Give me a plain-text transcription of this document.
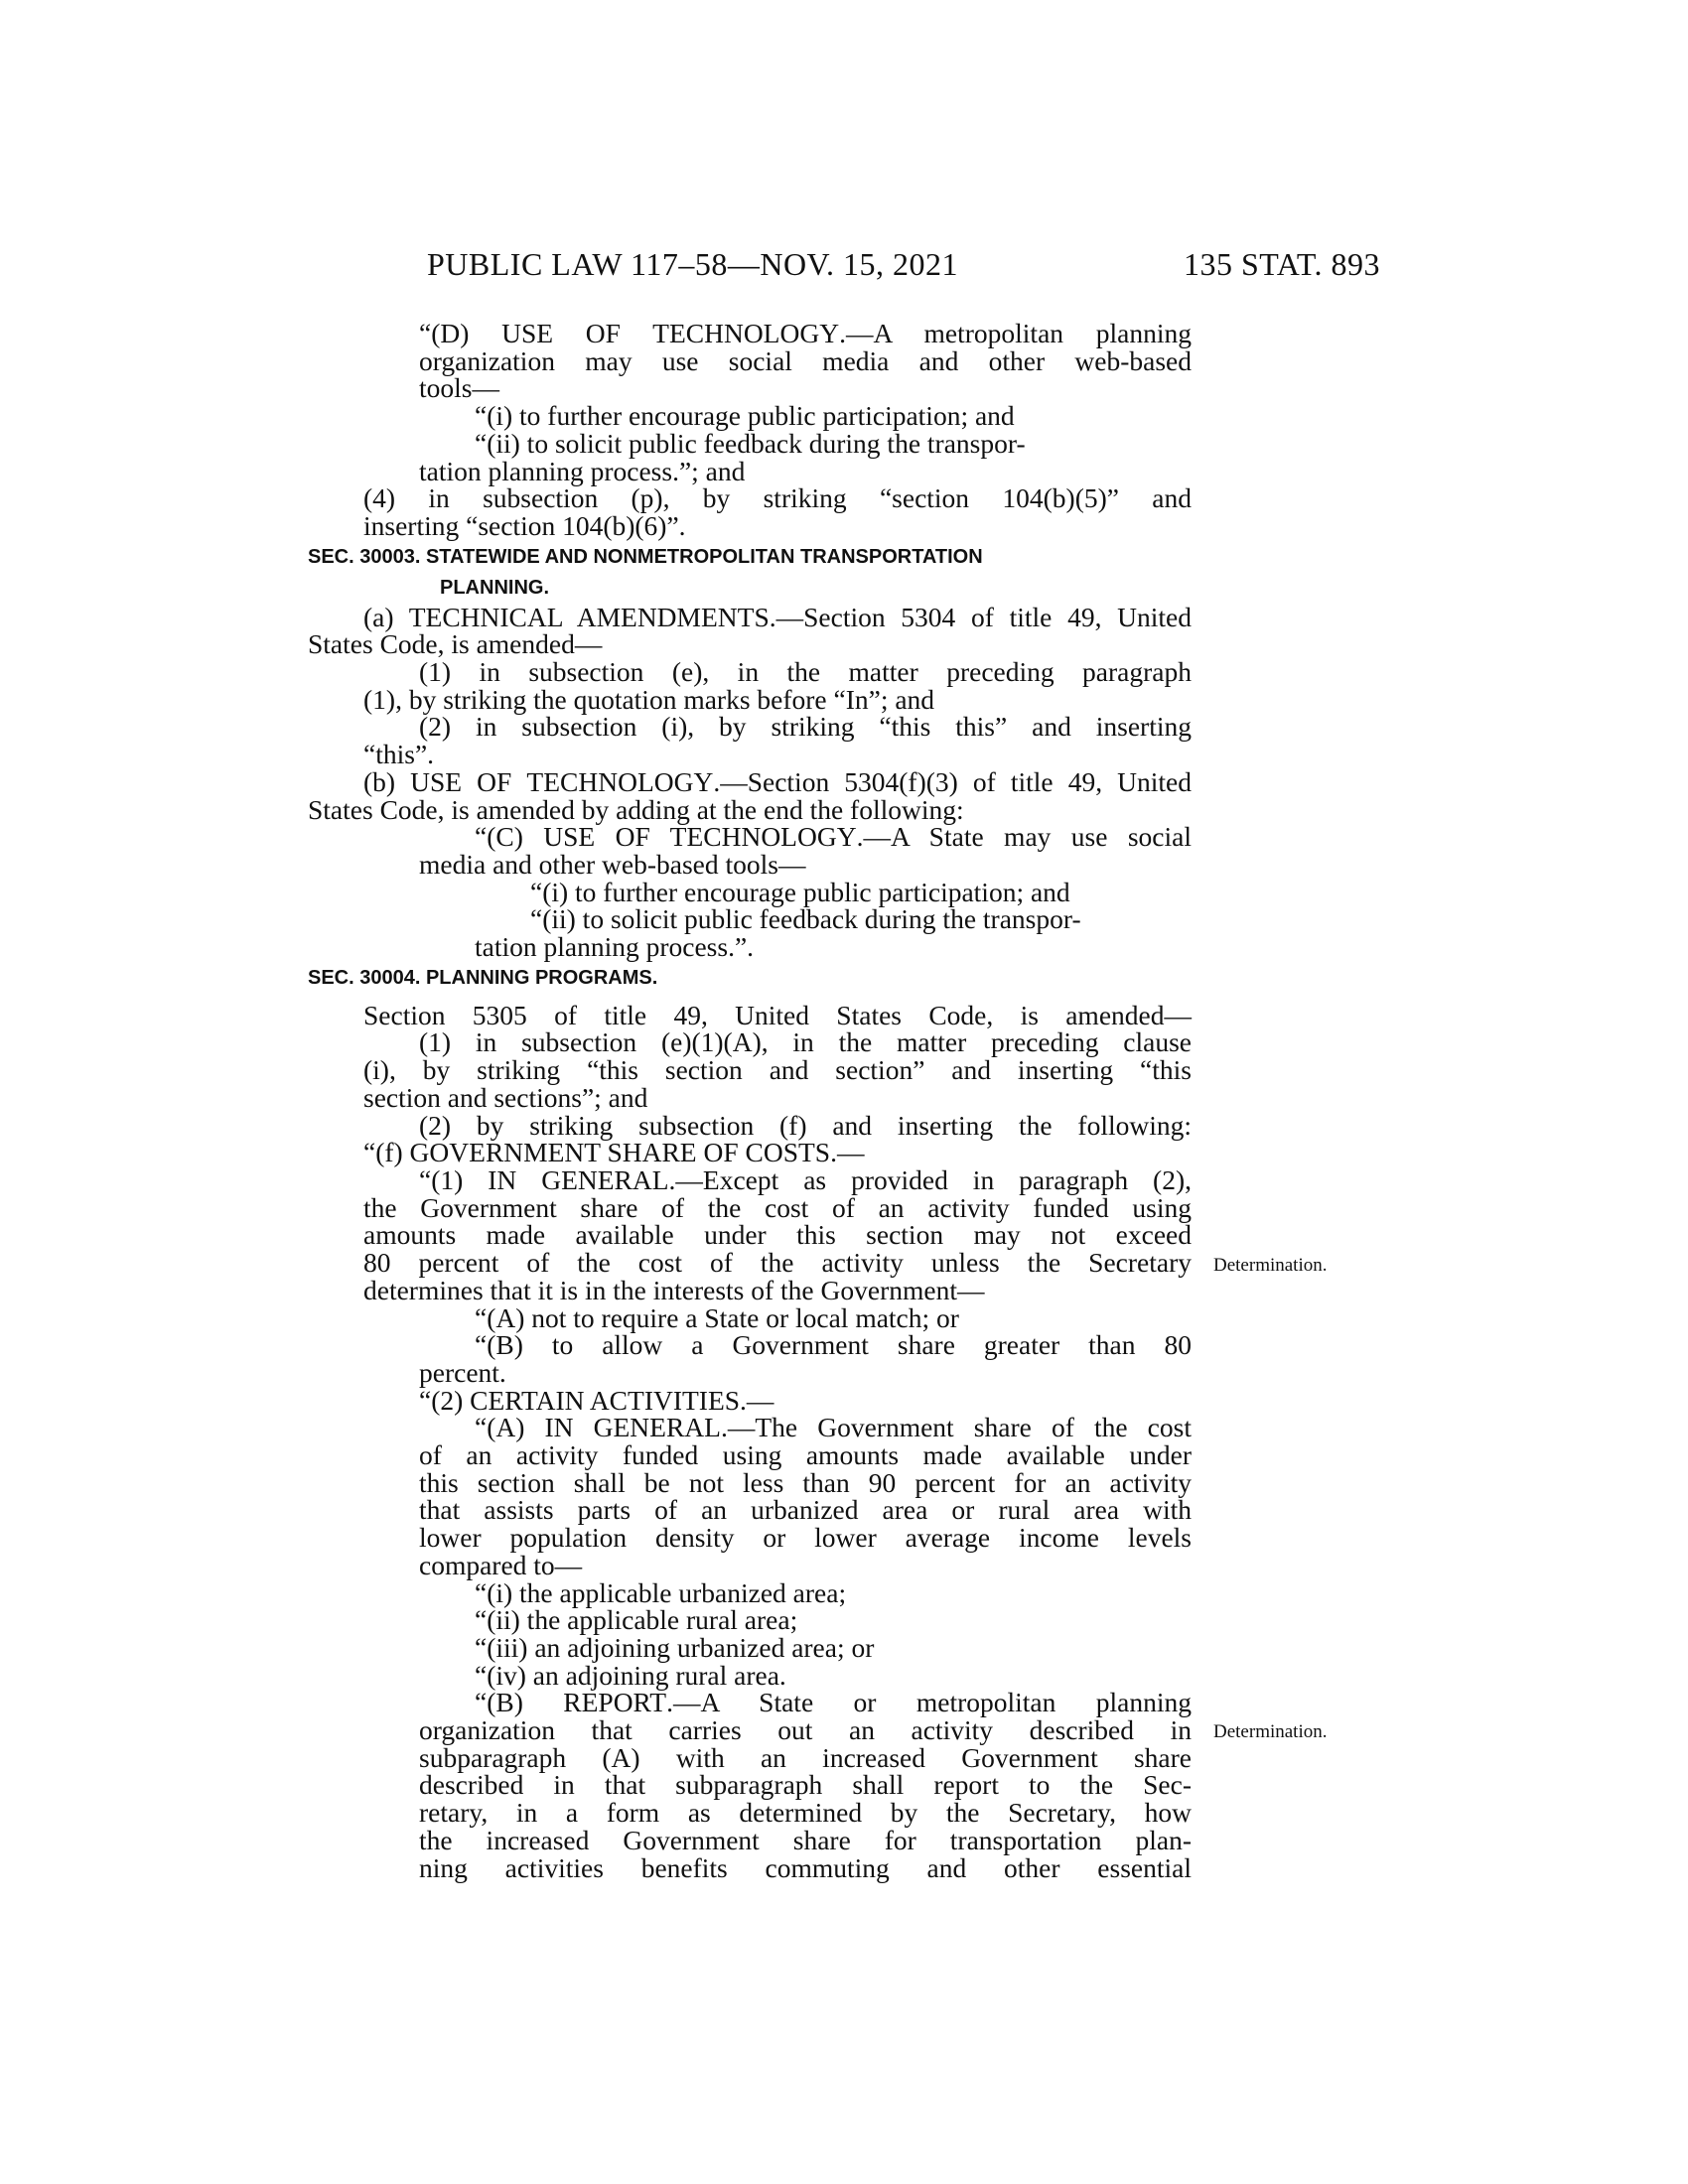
PUBLIC LAW 117–58—NOV. 15, 2021	135 STAT. 893
“(D) USE OF TECHNOLOGY.—A metropolitan planning
organization may use social media and other web-based
tools—
“(i) to further encourage public participation; and
“(ii) to solicit public feedback during the transpor-
tation planning process.”; and
(4) in subsection (p), by striking “section 104(b)(5)” and
inserting “section 104(b)(6)”.
SEC. 30003. STATEWIDE AND NONMETROPOLITAN TRANSPORTATION
PLANNING.
(a) TECHNICAL AMENDMENTS.—Section 5304 of title 49, United
States Code, is amended—
(1) in subsection (e), in the matter preceding paragraph
(1), by striking the quotation marks before “In”; and
(2) in subsection (i), by striking “this this” and inserting
“this”.
(b) USE OF TECHNOLOGY.—Section 5304(f)(3) of title 49, United
States Code, is amended by adding at the end the following:
“(C) USE OF TECHNOLOGY.—A State may use social
media and other web-based tools—
“(i) to further encourage public participation; and
“(ii) to solicit public feedback during the transpor-
tation planning process.”.
SEC. 30004. PLANNING PROGRAMS.
Section 5305 of title 49, United States Code, is amended—
(1) in subsection (e)(1)(A), in the matter preceding clause
(i), by striking “this section and section” and inserting “this
section and sections”; and
(2) by striking subsection (f) and inserting the following:
“(f) GOVERNMENT SHARE OF COSTS.—
“(1) IN GENERAL.—Except as provided in paragraph (2),
the Government share of the cost of an activity funded using
amounts made available under this section may not exceed
80 percent of the cost of the activity unless the Secretary
determines that it is in the interests of the Government—
“(A) not to require a State or local match; or
“(B) to allow a Government share greater than 80
percent.
“(2) CERTAIN ACTIVITIES.—
“(A) IN GENERAL.—The Government share of the cost
of an activity funded using amounts made available under
this section shall be not less than 90 percent for an activity
that assists parts of an urbanized area or rural area with
lower population density or lower average income levels
compared to—
“(i) the applicable urbanized area;
“(ii) the applicable rural area;
“(iii) an adjoining urbanized area; or
“(iv) an adjoining rural area.
“(B) REPORT.—A State or metropolitan planning
organization that carries out an activity described in
subparagraph (A) with an increased Government share
described in that subparagraph shall report to the Sec-
retary, in a form as determined by the Secretary, how
the increased Government share for transportation plan-
ning activities benefits commuting and other essential
Determination.
Determination.
